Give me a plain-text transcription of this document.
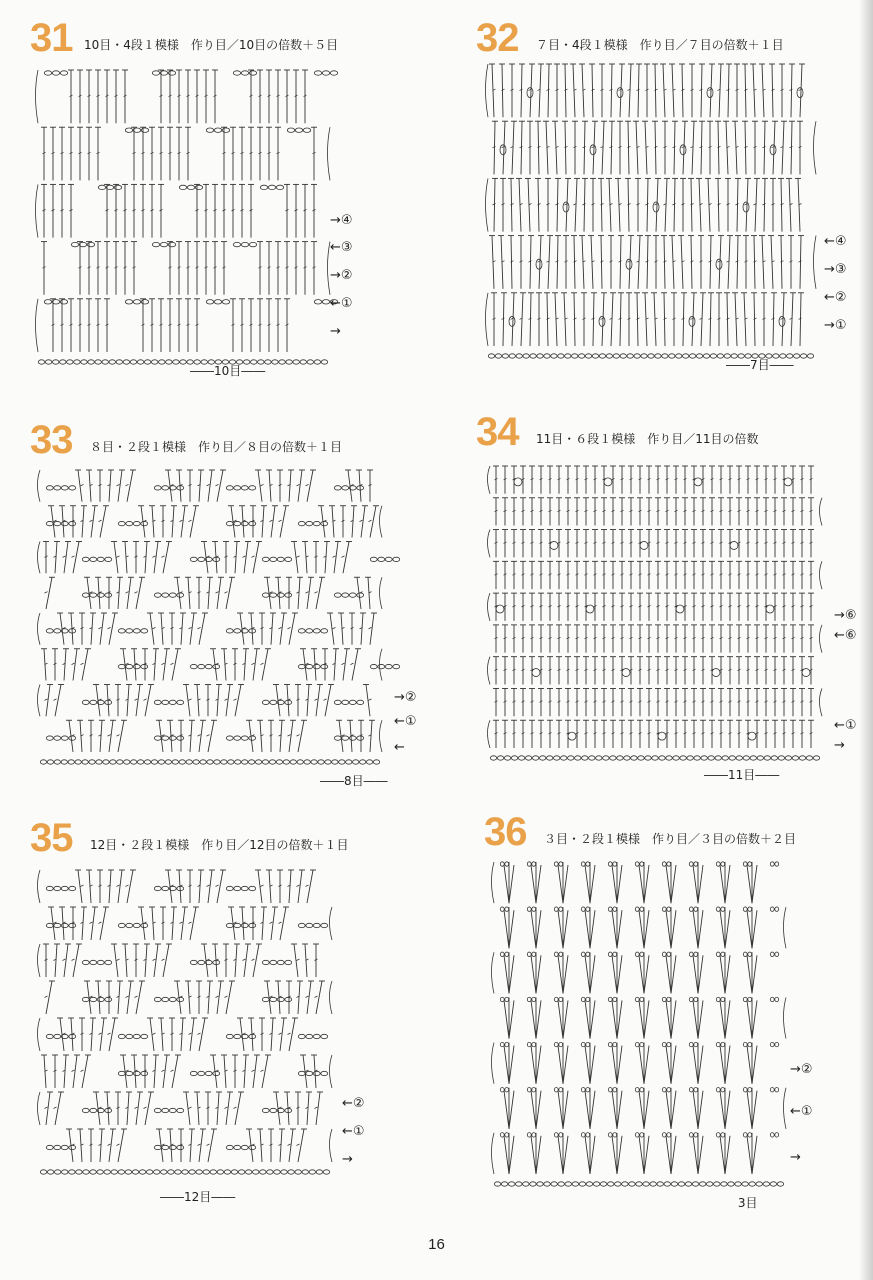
31 10目・4段１模様　作り目／10目の倍数＋５目
――10目――
→④
←③
→②
←①
→
32 ７目・4段１模様　作り目／７目の倍数＋１目
――7目――
←④
→③
←②
→①
33 ８目・２段１模様　作り目／８目の倍数＋１目
――8目――
→②
←①
←
34 11目・６段１模様　作り目／11目の倍数
――11目――
→⑥
←⑥
←①
→
35 12目・２段１模様　作り目／12目の倍数＋１目
――12目――
←②
←①
→
36 ３目・２段１模様　作り目／３目の倍数＋２目
3目
→②
←①
→
16
